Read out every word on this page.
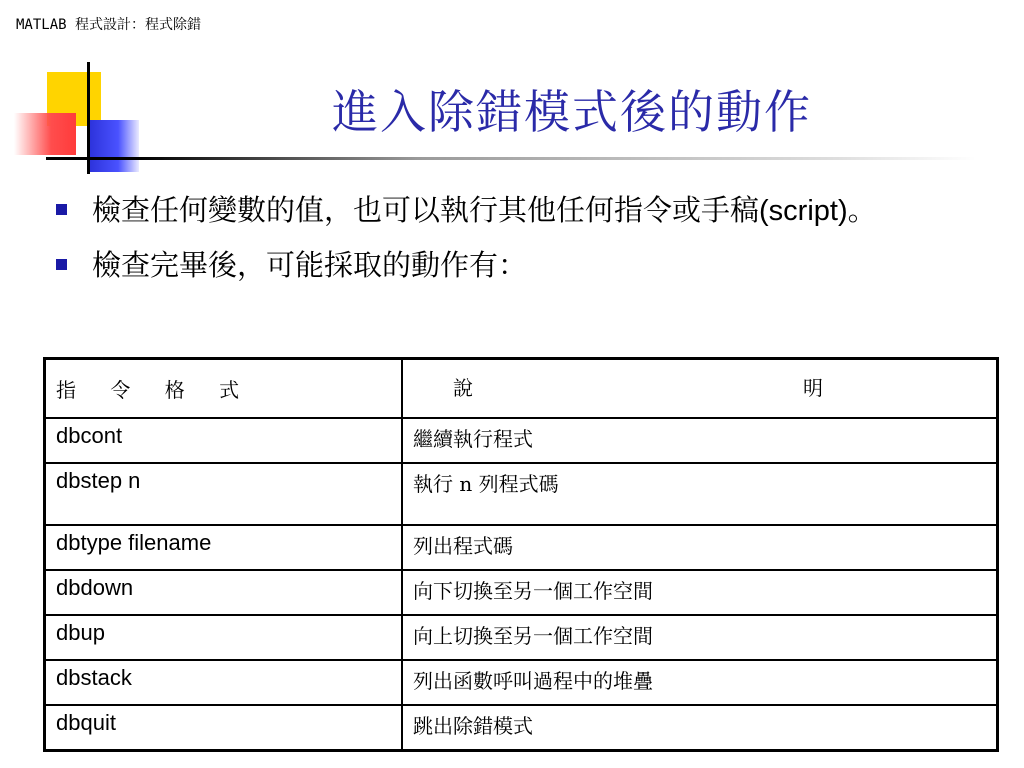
MATLAB 程式設計：程式除錯
進入除錯模式後的動作
檢查任何變數的值，也可以執行其他任何指令或手稿(script)。
檢查完畢後，可能採取的動作有：
指 令 格 式	說 明

dbcont	繼續執行程式
dbstep n	執行 n 列程式碼
dbtype filename	列出程式碼
dbdown	向下切換至另一個工作空間
dbup	向上切換至另一個工作空間
dbstack	列出函數呼叫過程中的堆疊
dbquit	跳出除錯模式
